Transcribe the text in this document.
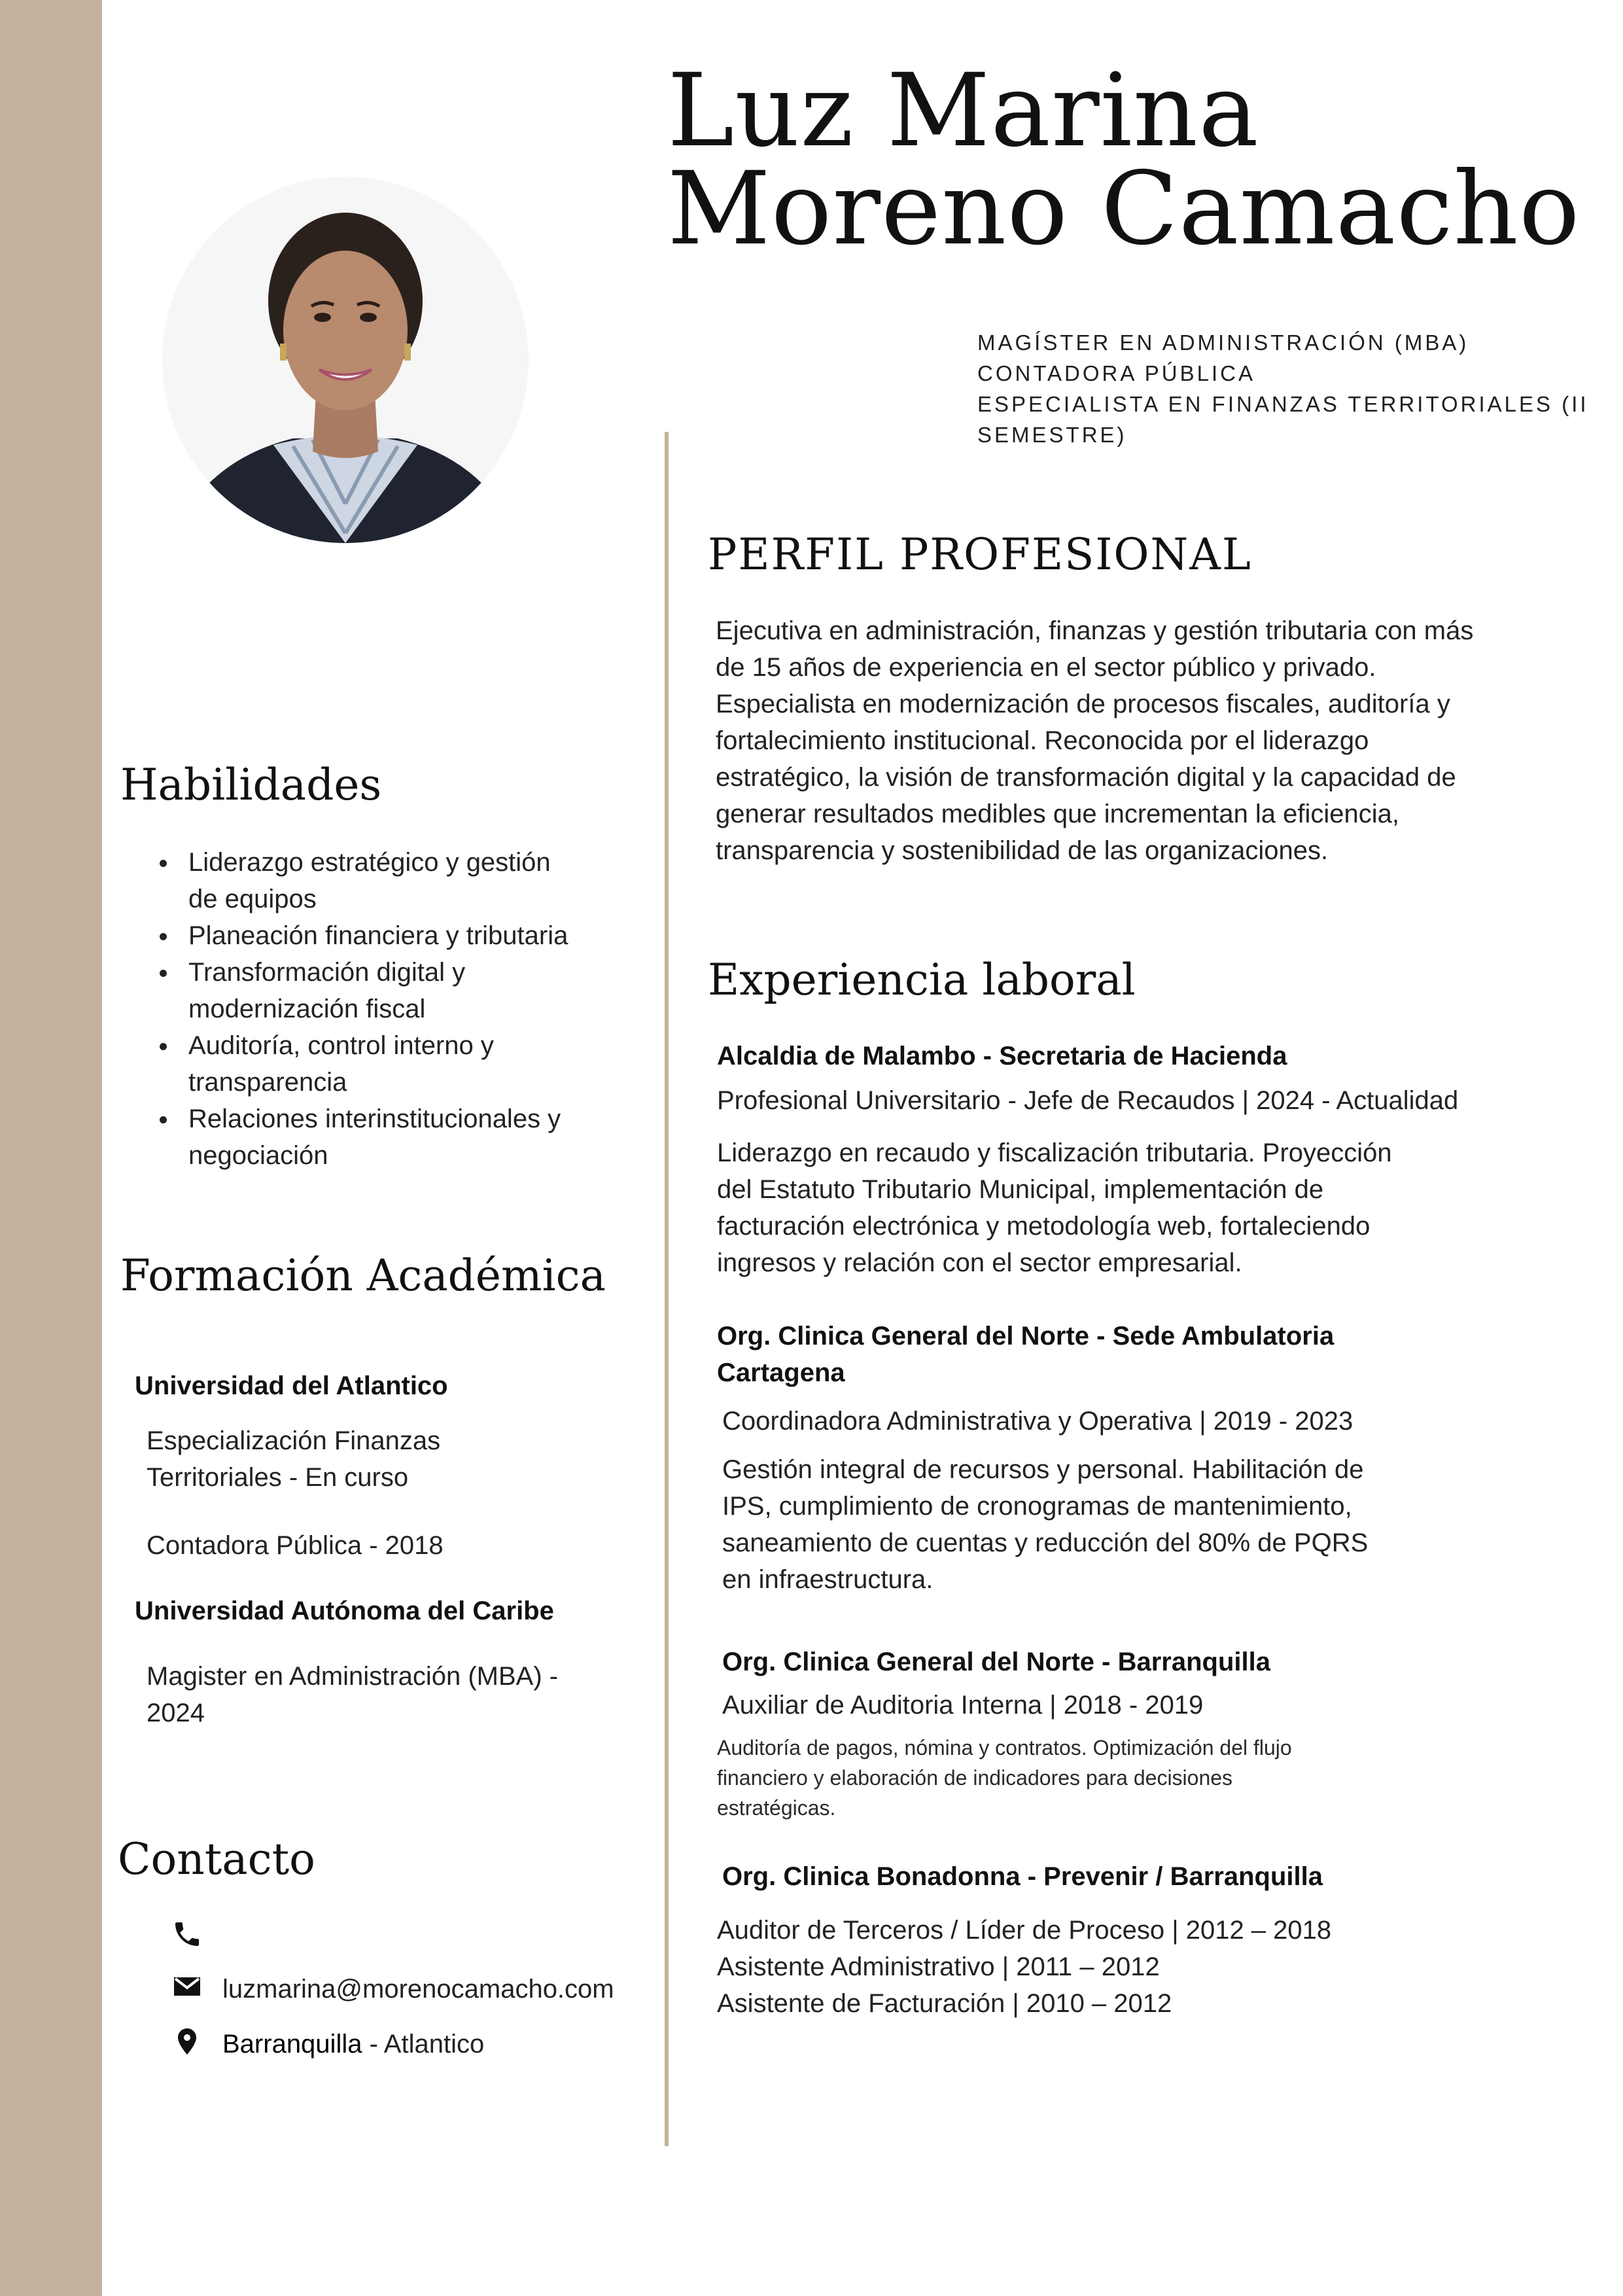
Luz Marina
Moreno Camacho
MAGÍSTER EN ADMINISTRACIÓN (MBA)
CONTADORA PÚBLICA
ESPECIALISTA EN FINANZAS TERRITORIALES (II
SEMESTRE)
PERFIL PROFESIONAL
Ejecutiva en administración, finanzas y gestión tributaria con más
de 15 años de experiencia en el sector público y privado.
Especialista en modernización de procesos fiscales, auditoría y
fortalecimiento institucional. Reconocida por el liderazgo
estratégico, la visión de transformación digital y la capacidad de
generar resultados medibles que incrementan la eficiencia,
transparencia y sostenibilidad de las organizaciones.
Habilidades
Liderazgo estratégico y gestión
de equipos
Planeación financiera y tributaria
Transformación digital y
modernización fiscal
Auditoría, control interno y
transparencia
Relaciones interinstitucionales y
negociación
Formación Académica
Universidad del Atlantico
Especialización Finanzas
Territoriales - En curso
Contadora Pública - 2018
Universidad Autónoma del Caribe
Magister en Administración (MBA) -
2024
Contacto
luzmarina@morenocamacho.com
Barranquilla - Atlantico
Experiencia laboral
Alcaldia de Malambo - Secretaria de Hacienda
Profesional Universitario - Jefe de Recaudos | 2024 - Actualidad
Liderazgo en recaudo y fiscalización tributaria. Proyección
del Estatuto Tributario Municipal, implementación de
facturación electrónica y metodología web, fortaleciendo
ingresos y relación con el sector empresarial.
Org. Clinica General del Norte - Sede Ambulatoria
Cartagena
Coordinadora Administrativa y Operativa | 2019 - 2023
Gestión integral de recursos y personal. Habilitación de
IPS, cumplimiento de cronogramas de mantenimiento,
saneamiento de cuentas y reducción del 80% de PQRS
en infraestructura.
Org. Clinica General del Norte - Barranquilla
Auxiliar de Auditoria Interna | 2018 - 2019
Auditoría de pagos, nómina y contratos. Optimización del flujo
financiero y elaboración de indicadores para decisiones
estratégicas.
Org. Clinica Bonadonna - Prevenir / Barranquilla
Auditor de Terceros / Líder de Proceso | 2012 – 2018
Asistente Administrativo | 2011 – 2012
Asistente de Facturación | 2010 – 2012
